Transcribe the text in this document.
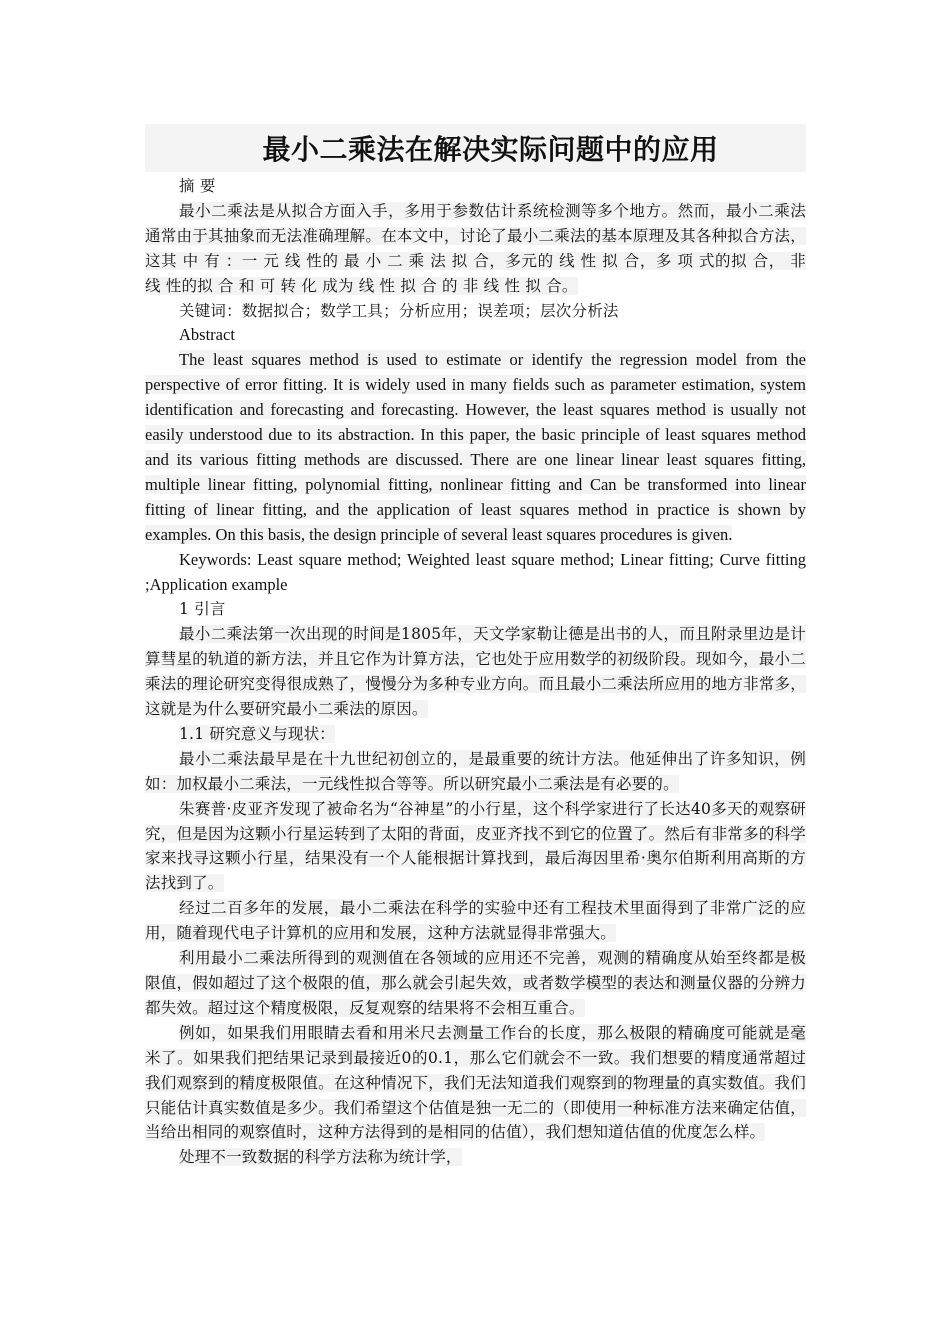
最小二乘法在解决实际问题中的应用

摘 要

最小二乘法是从拟合方面入手，多用于参数估计系统检测等多个地方。然而，最小二乘法通常由于其抽象而无法准确理解。在本文中，讨论了最小二乘法的基本原理及其各种拟合方法，这其 中 有 ：一 元 线 性的 最 小 二 乘 法 拟 合，多元的 线 性 拟 合，多 项 式的拟 合， 非 线 性的拟 合 和 可 转 化 成为 线 性 拟 合 的 非 线 性 拟 合。

关键词：数据拟合；数学工具；分析应用；误差项；层次分析法

Abstract

The least squares method is used to estimate or identify the regression model from the perspective of error fitting. It is widely used in many fields such as parameter estimation, system identification and forecasting and forecasting. However, the least squares method is usually not easily understood due to its abstraction. In this paper, the basic principle of least squares method and its various fitting methods are discussed. There are one linear linear least squares fitting, multiple linear fitting, polynomial fitting, nonlinear fitting and Can be transformed into linear fitting of linear fitting, and the application of least squares method in practice is shown by examples. On this basis, the design principle of several least squares procedures is given.

Keywords: Least square method; Weighted least square method; Linear fitting; Curve fitting ;Application example

1 引言

最小二乘法第一次出现的时间是1805年，天文学家勒让德是出书的人，而且附录里边是计算彗星的轨道的新方法，并且它作为计算方法，它也处于应用数学的初级阶段。现如今，最小二乘法的理论研究变得很成熟了，慢慢分为多种专业方向。而且最小二乘法所应用的地方非常多，这就是为什么要研究最小二乘法的原因。

1.1 研究意义与现状：

最小二乘法最早是在十九世纪初创立的，是最重要的统计方法。他延伸出了许多知识，例如：加权最小二乘法，一元线性拟合等等。所以研究最小二乘法是有必要的。

朱赛普·皮亚齐发现了被命名为“谷神星”的小行星，这个科学家进行了长达40多天的观察研究，但是因为这颗小行星运转到了太阳的背面，皮亚齐找不到它的位置了。然后有非常多的科学家来找寻这颗小行星，结果没有一个人能根据计算找到，最后海因里希·奥尔伯斯利用高斯的方法找到了。

经过二百多年的发展，最小二乘法在科学的实验中还有工程技术里面得到了非常广泛的应用，随着现代电子计算机的应用和发展，这种方法就显得非常强大。

利用最小二乘法所得到的观测值在各领域的应用还不完善，观测的精确度从始至终都是极限值，假如超过了这个极限的值，那么就会引起失效，或者数学模型的表达和测量仪器的分辨力都失效。超过这个精度极限，反复观察的结果将不会相互重合。

例如，如果我们用眼睛去看和用米尺去测量工作台的长度，那么极限的精确度可能就是毫米了。如果我们把结果记录到最接近0的0.1，那么它们就会不一致。我们想要的精度通常超过我们观察到的精度极限值。在这种情况下，我们无法知道我们观察到的物理量的真实数值。我们只能估计真实数值是多少。我们希望这个估值是独一无二的（即使用一种标准方法来确定估值，当给出相同的观察值时，这种方法得到的是相同的估值），我们想知道估值的优度怎么样。

处理不一致数据的科学方法称为统计学，
